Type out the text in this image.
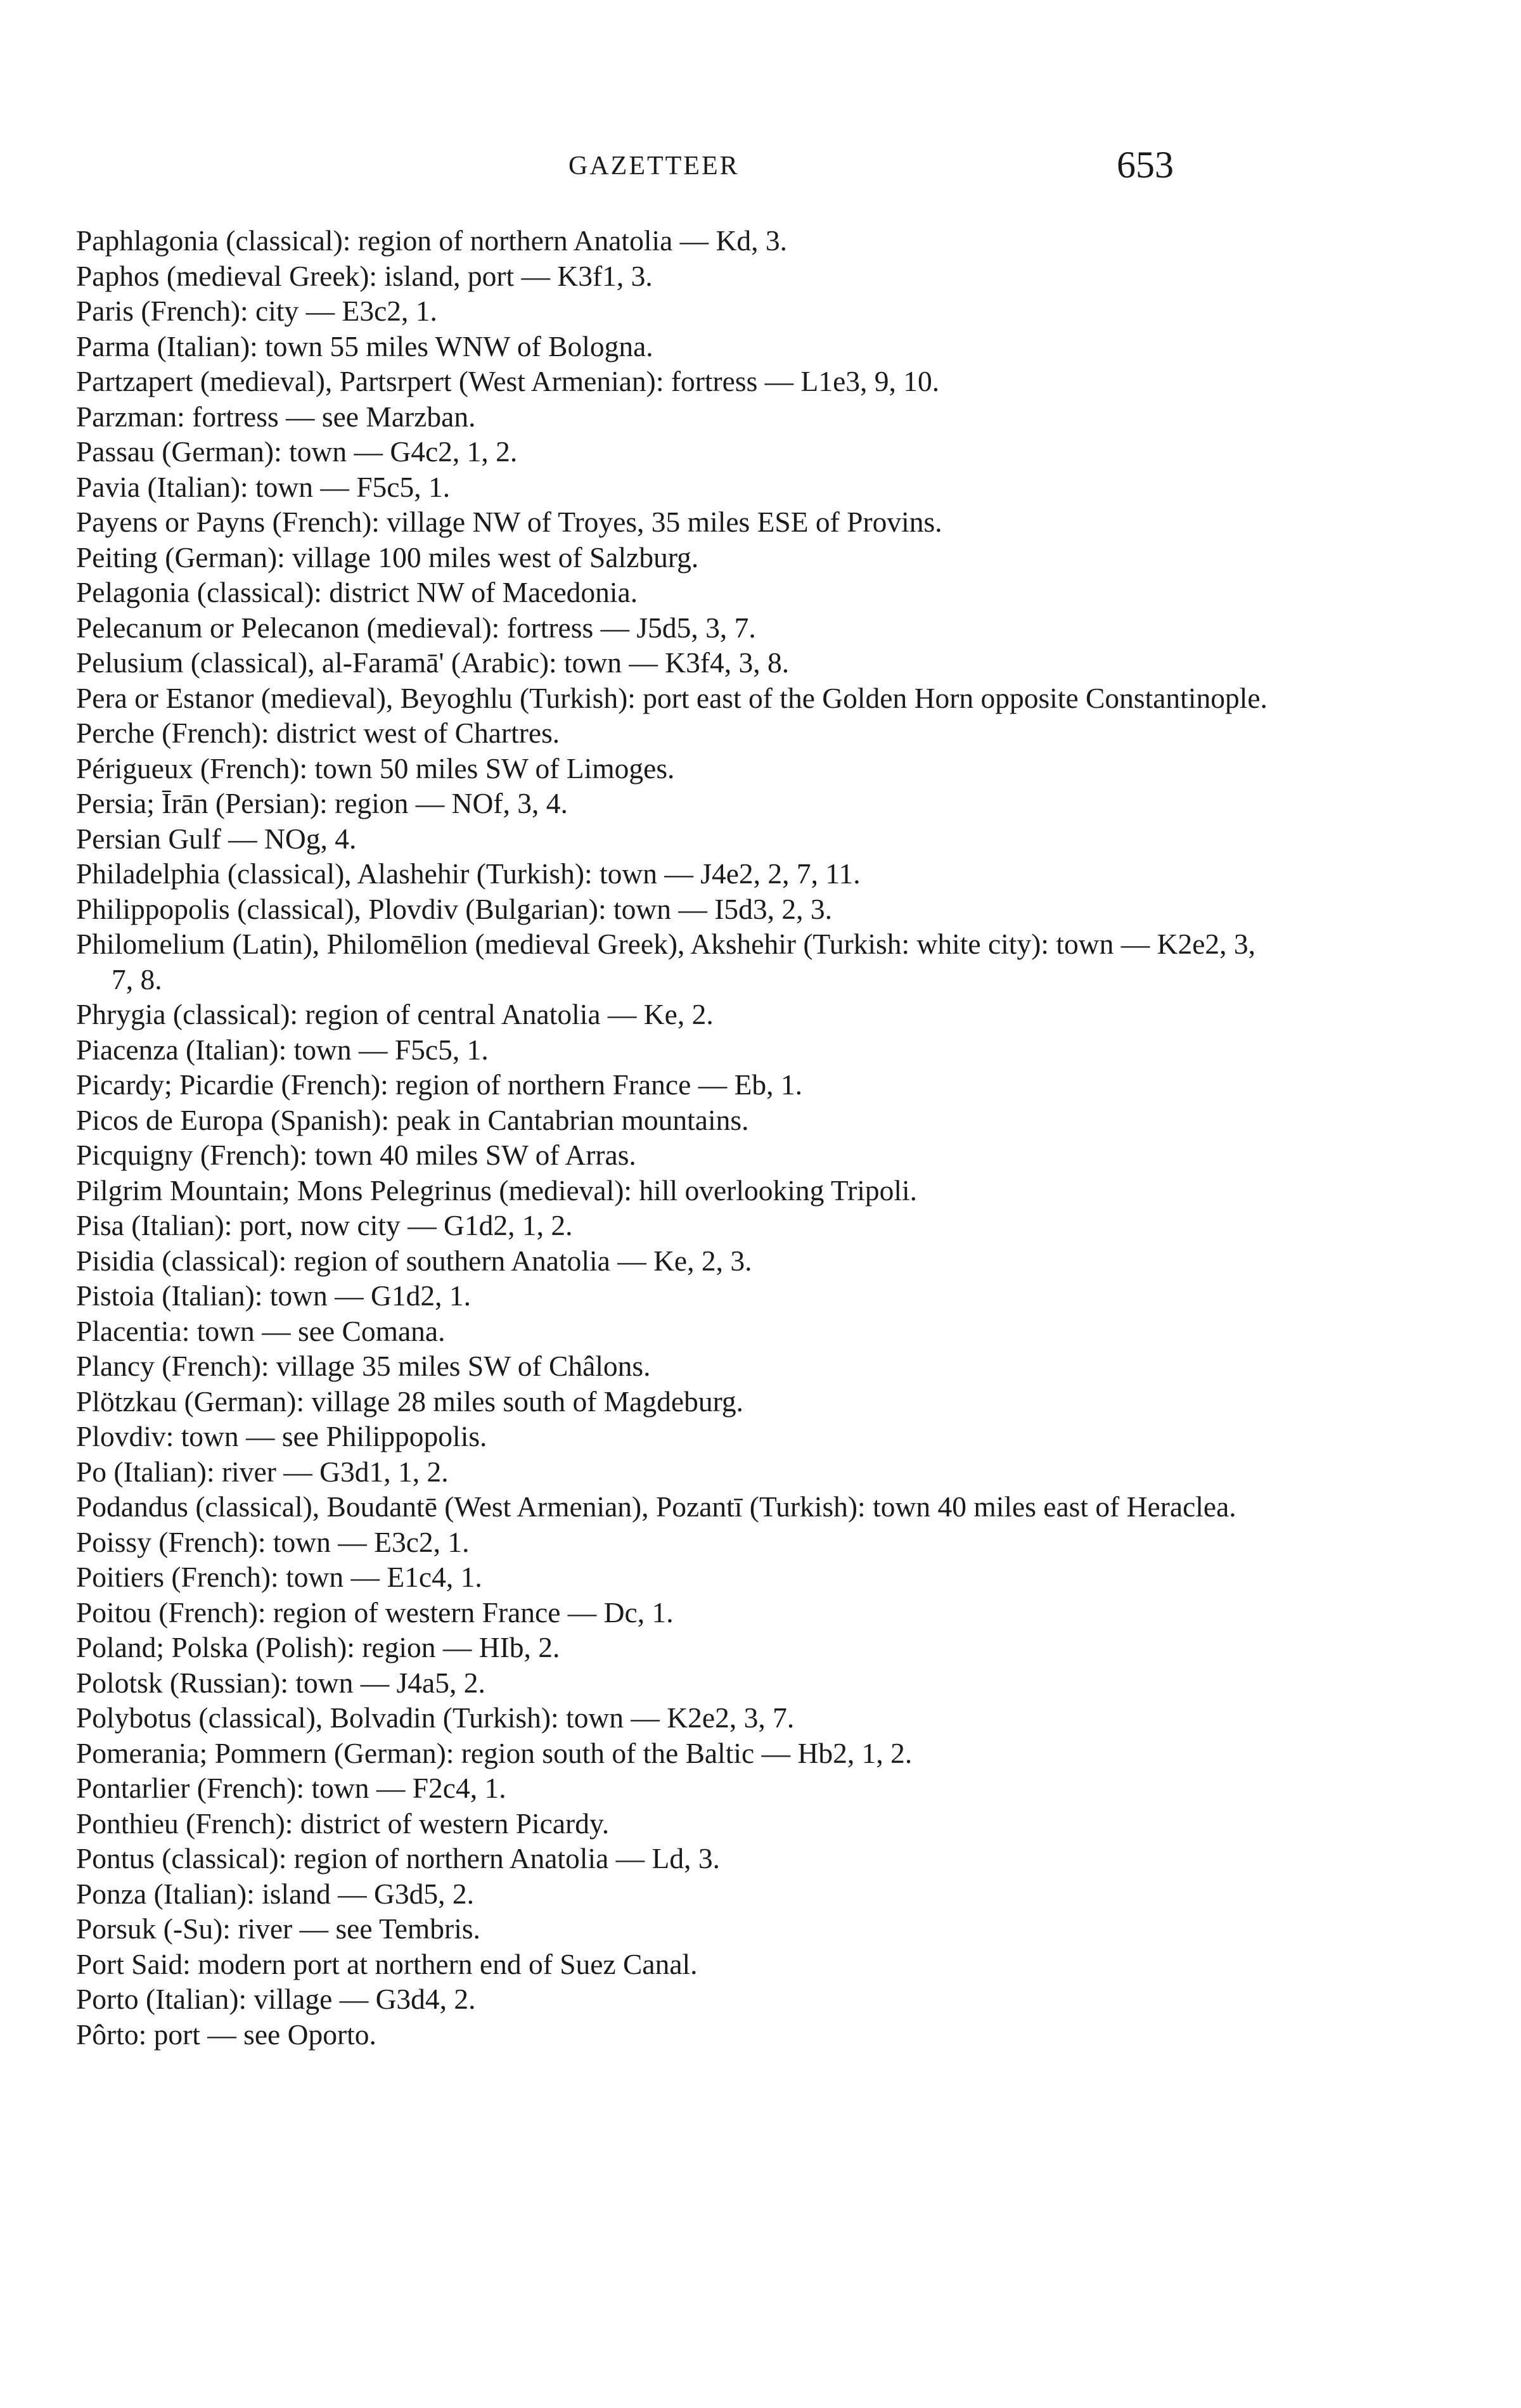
GAZETTEER	653
Paphlagonia (classical): region of northern Anatolia — Kd, 3.
Paphos (medieval Greek): island, port — K3f1, 3.
Paris (French): city — E3c2, 1.
Parma (Italian): town 55 miles WNW of Bologna.
Partzapert (medieval), Partsrpert (West Armenian): fortress — L1e3, 9, 10.
Parzman: fortress — see Marzban.
Passau (German): town — G4c2, 1, 2.
Pavia (Italian): town — F5c5, 1.
Payens or Payns (French): village NW of Troyes, 35 miles ESE of Provins.
Peiting (German): village 100 miles west of Salzburg.
Pelagonia (classical): district NW of Macedonia.
Pelecanum or Pelecanon (medieval): fortress — J5d5, 3, 7.
Pelusium (classical), al-Faramā' (Arabic): town — K3f4, 3, 8.
Pera or Estanor (medieval), Beyoghlu (Turkish): port east of the Golden Horn opposite Constantinople.
Perche (French): district west of Chartres.
Périgueux (French): town 50 miles SW of Limoges.
Persia; Īrān (Persian): region — NOf, 3, 4.
Persian Gulf — NOg, 4.
Philadelphia (classical), Alashehir (Turkish): town — J4e2, 2, 7, 11.
Philippopolis (classical), Plovdiv (Bulgarian): town — I5d3, 2, 3.
Philomelium (Latin), Philomēlion (medieval Greek), Akshehir (Turkish: white city): town — K2e2, 3, 7, 8.
Phrygia (classical): region of central Anatolia — Ke, 2.
Piacenza (Italian): town — F5c5, 1.
Picardy; Picardie (French): region of northern France — Eb, 1.
Picos de Europa (Spanish): peak in Cantabrian mountains.
Picquigny (French): town 40 miles SW of Arras.
Pilgrim Mountain; Mons Pelegrinus (medieval): hill overlooking Tripoli.
Pisa (Italian): port, now city — G1d2, 1, 2.
Pisidia (classical): region of southern Anatolia — Ke, 2, 3.
Pistoia (Italian): town — G1d2, 1.
Placentia: town — see Comana.
Plancy (French): village 35 miles SW of Châlons.
Plötzkau (German): village 28 miles south of Magdeburg.
Plovdiv: town — see Philippopolis.
Po (Italian): river — G3d1, 1, 2.
Podandus (classical), Boudantē (West Armenian), Pozantī (Turkish): town 40 miles east of Heraclea.
Poissy (French): town — E3c2, 1.
Poitiers (French): town — E1c4, 1.
Poitou (French): region of western France — Dc, 1.
Poland; Polska (Polish): region — HIb, 2.
Polotsk (Russian): town — J4a5, 2.
Polybotus (classical), Bolvadin (Turkish): town — K2e2, 3, 7.
Pomerania; Pommern (German): region south of the Baltic — Hb2, 1, 2.
Pontarlier (French): town — F2c4, 1.
Ponthieu (French): district of western Picardy.
Pontus (classical): region of northern Anatolia — Ld, 3.
Ponza (Italian): island — G3d5, 2.
Porsuk (-Su): river — see Tembris.
Port Said: modern port at northern end of Suez Canal.
Porto (Italian): village — G3d4, 2.
Pôrto: port — see Oporto.
